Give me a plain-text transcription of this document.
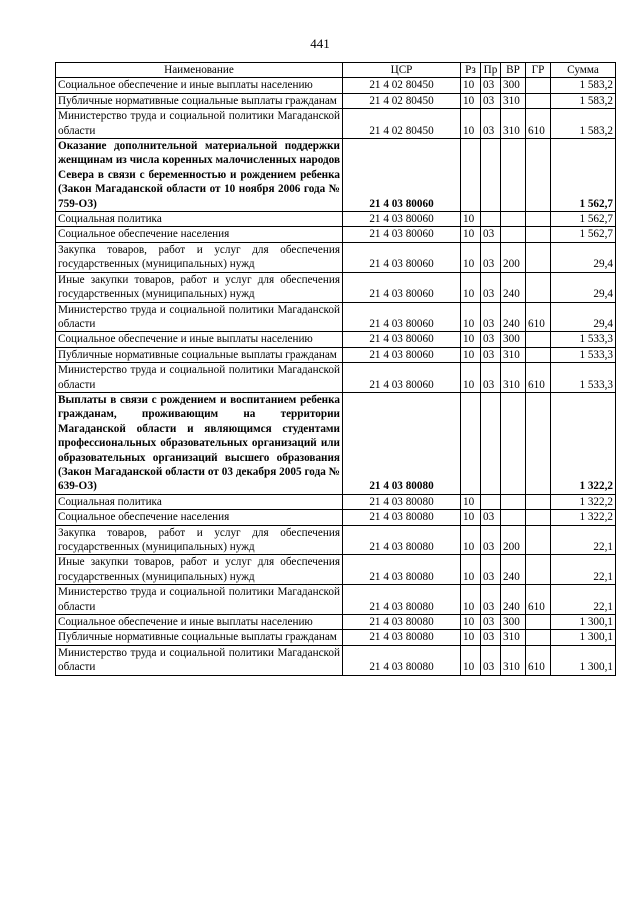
441
Наименование	ЦСР	Рз	Пр	ВР	ГР	Сумма
Социальное обеспечение и иные выплаты населению	21 4 02 80450	10	03	300		1 583,2
Публичные нормативные социальные выплаты гражданам	21 4 02 80450	10	03	310		1 583,2
Министерство труда и социальной политики Магаданской области	21 4 02 80450	10	03	310	610	1 583,2
Оказание дополнительной материальной поддержки женщинам из числа коренных малочисленных народов Севера в связи с беременностью и рождением ребенка (Закон Магаданской области от 10 ноября 2006 года № 759-ОЗ)	21 4 03 80060					1 562,7
Социальная политика	21 4 03 80060	10				1 562,7
Социальное обеспечение населения	21 4 03 80060	10	03			1 562,7
Закупка товаров, работ и услуг для обеспечения государственных (муниципальных) нужд	21 4 03 80060	10	03	200		29,4
Иные закупки товаров, работ и услуг для обеспечения государственных (муниципальных) нужд	21 4 03 80060	10	03	240		29,4
Министерство труда и социальной политики Магаданской области	21 4 03 80060	10	03	240	610	29,4
Социальное обеспечение и иные выплаты населению	21 4 03 80060	10	03	300		1 533,3
Публичные нормативные социальные выплаты гражданам	21 4 03 80060	10	03	310		1 533,3
Министерство труда и социальной политики Магаданской области	21 4 03 80060	10	03	310	610	1 533,3
Выплаты в связи с рождением и воспитанием ребенка гражданам, проживающим на территории Магаданской области и являющимся студентами профессиональных образовательных организаций или образовательных организаций высшего образования (Закон Магаданской области от 03 декабря 2005 года № 639-ОЗ)	21 4 03 80080					1 322,2
Социальная политика	21 4 03 80080	10				1 322,2
Социальное обеспечение населения	21 4 03 80080	10	03			1 322,2
Закупка товаров, работ и услуг для обеспечения государственных (муниципальных) нужд	21 4 03 80080	10	03	200		22,1
Иные закупки товаров, работ и услуг для обеспечения государственных (муниципальных) нужд	21 4 03 80080	10	03	240		22,1
Министерство труда и социальной политики Магаданской области	21 4 03 80080	10	03	240	610	22,1
Социальное обеспечение и иные выплаты населению	21 4 03 80080	10	03	300		1 300,1
Публичные нормативные социальные выплаты гражданам	21 4 03 80080	10	03	310		1 300,1
Министерство труда и социальной политики Магаданской области	21 4 03 80080	10	03	310	610	1 300,1
